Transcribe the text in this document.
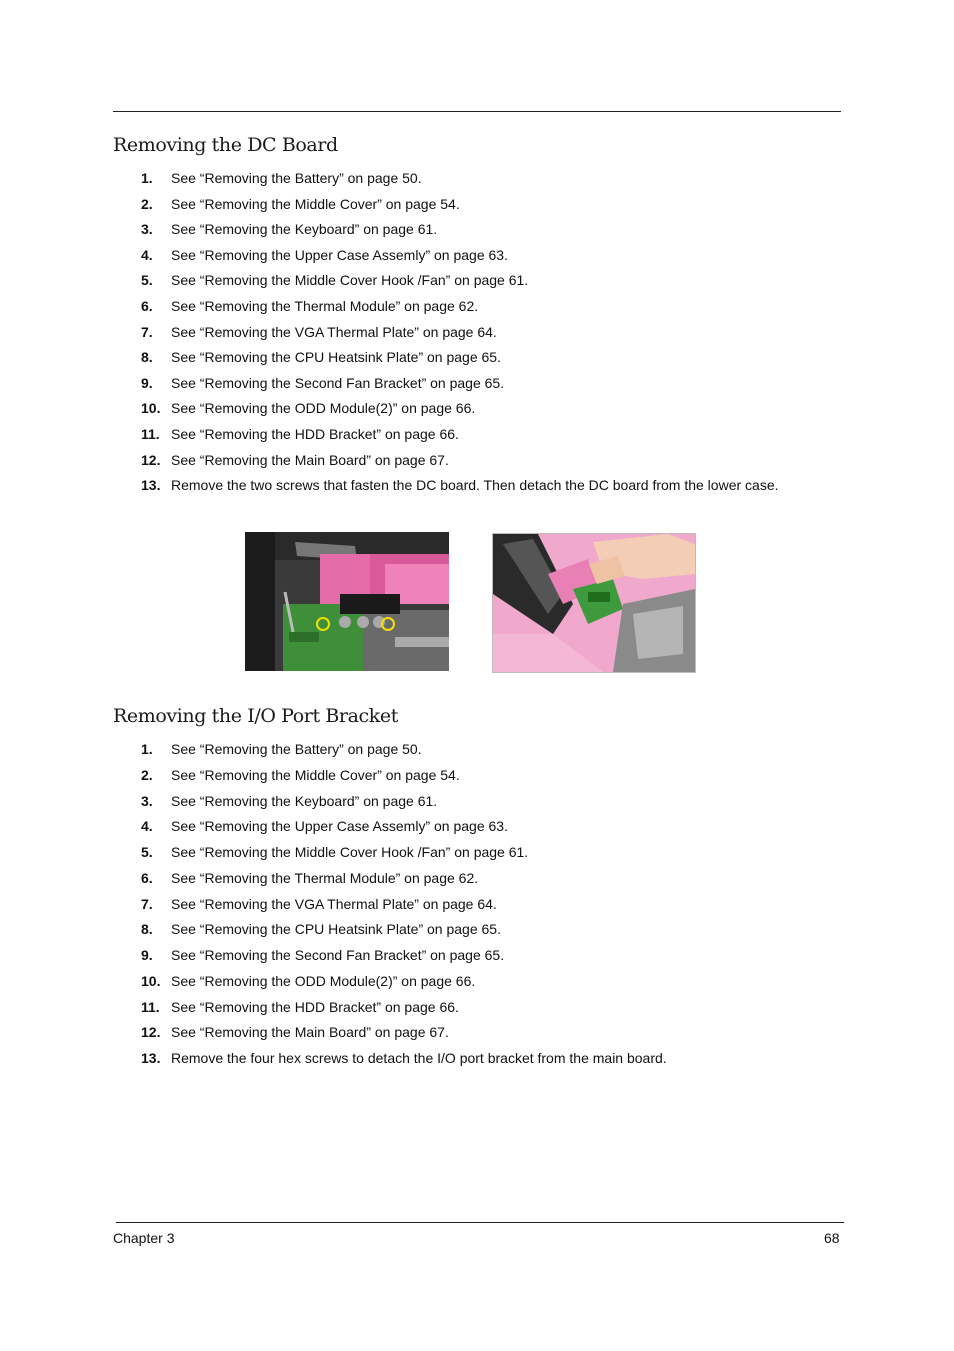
Removing the DC Board
1. See “Removing the Battery” on page 50.
2. See “Removing the Middle Cover” on page 54.
3. See “Removing the Keyboard” on page 61.
4. See “Removing the Upper Case Assemly” on page 63.
5. See “Removing the Middle Cover Hook /Fan” on page 61.
6. See “Removing the Thermal Module” on page 62.
7. See “Removing the VGA Thermal Plate” on page 64.
8. See “Removing the CPU Heatsink Plate” on page 65.
9. See “Removing the Second Fan Bracket” on page 65.
10. See “Removing the ODD Module(2)” on page 66.
11. See “Removing the HDD Bracket” on page 66.
12. See “Removing the Main Board” on page 67.
13. Remove the two screws that fasten the DC board. Then detach the DC board from the lower case.
Removing the I/O Port Bracket
1. See “Removing the Battery” on page 50.
2. See “Removing the Middle Cover” on page 54.
3. See “Removing the Keyboard” on page 61.
4. See “Removing the Upper Case Assemly” on page 63.
5. See “Removing the Middle Cover Hook /Fan” on page 61.
6. See “Removing the Thermal Module” on page 62.
7. See “Removing the VGA Thermal Plate” on page 64.
8. See “Removing the CPU Heatsink Plate” on page 65.
9. See “Removing the Second Fan Bracket” on page 65.
10. See “Removing the ODD Module(2)” on page 66.
11. See “Removing the HDD Bracket” on page 66.
12. See “Removing the Main Board” on page 67.
13. Remove the four hex screws to detach the I/O port bracket from the main board.
Chapter 3	68
